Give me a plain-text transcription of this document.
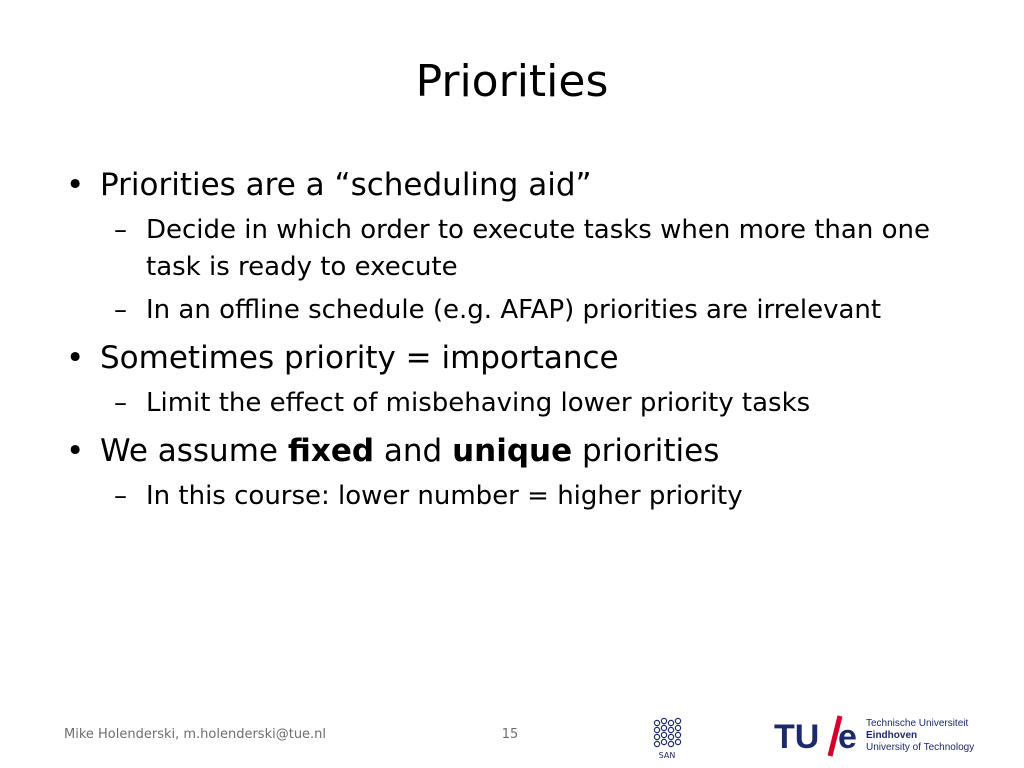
Priorities
• Priorities are a “scheduling aid”
– Decide in which order to execute tasks when more than one task is ready to execute
– In an offline schedule (e.g. AFAP) priorities are irrelevant
• Sometimes priority = importance
– Limit the effect of misbehaving lower priority tasks
• We assume fixed and unique priorities
– In this course: lower number = higher priority
Mike Holenderski, m.holenderski@tue.nl	15
SAN	TU e Technische Universiteit
Eindhoven
University of Technology
